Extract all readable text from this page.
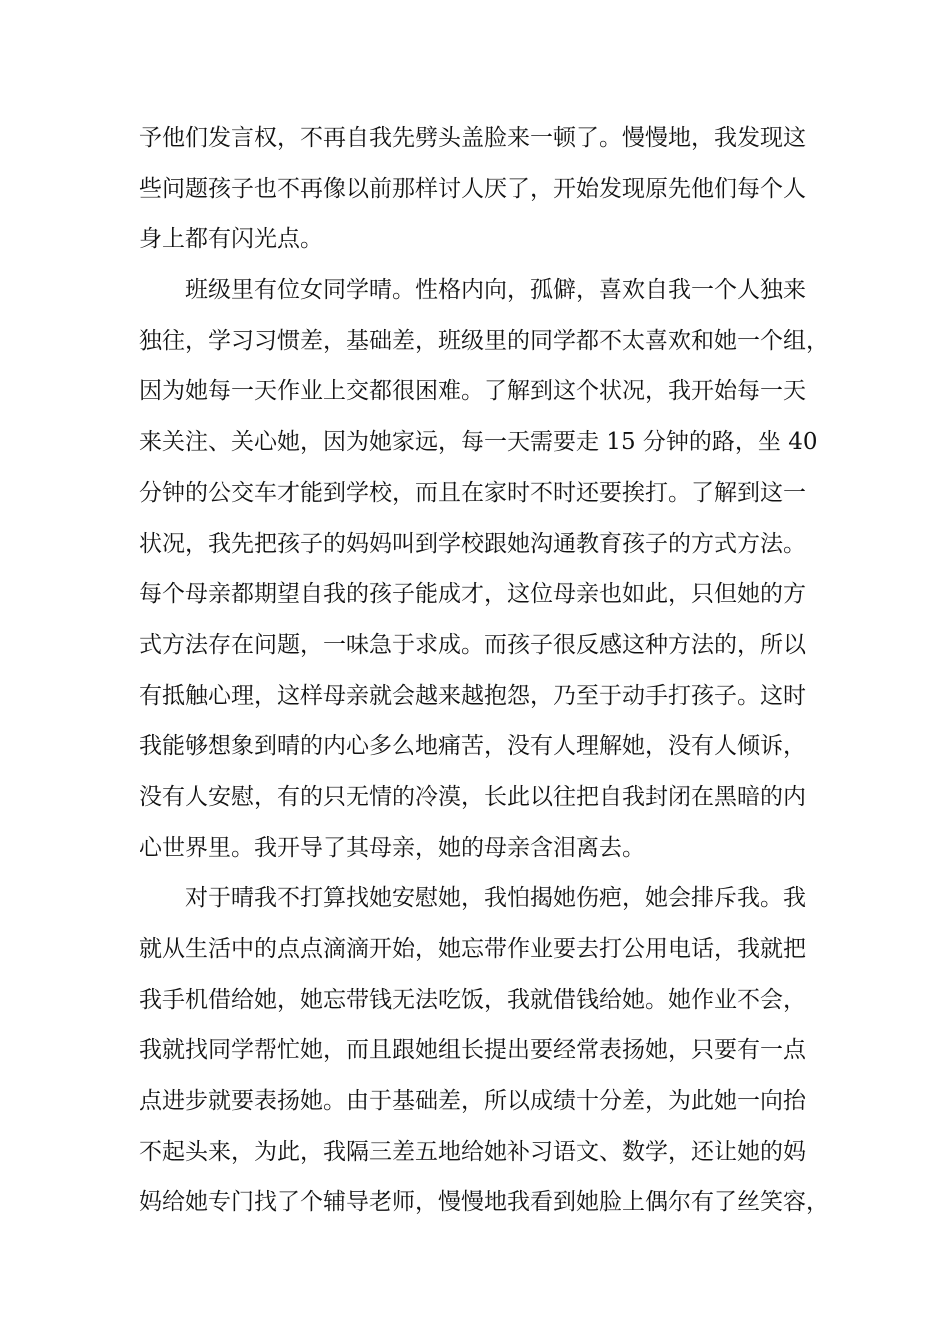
予他们发言权，不再自我先劈头盖脸来一顿了。慢慢地，我发现这
些问题孩子也不再像以前那样讨人厌了，开始发现原先他们每个人
身上都有闪光点。
班级里有位女同学晴。性格内向，孤僻，喜欢自我一个人独来
独往，学习习惯差，基础差，班级里的同学都不太喜欢和她一个组，
因为她每一天作业上交都很困难。了解到这个状况，我开始每一天
来关注、关心她，因为她家远，每一天需要走 15 分钟的路，坐 40
分钟的公交车才能到学校，而且在家时不时还要挨打。了解到这一
状况，我先把孩子的妈妈叫到学校跟她沟通教育孩子的方式方法。
每个母亲都期望自我的孩子能成才，这位母亲也如此，只但她的方
式方法存在问题，一味急于求成。而孩子很反感这种方法的，所以
有抵触心理，这样母亲就会越来越抱怨，乃至于动手打孩子。这时
我能够想象到晴的内心多么地痛苦，没有人理解她，没有人倾诉，
没有人安慰，有的只无情的冷漠，长此以往把自我封闭在黑暗的内
心世界里。我开导了其母亲，她的母亲含泪离去。
对于晴我不打算找她安慰她，我怕揭她伤疤，她会排斥我。我
就从生活中的点点滴滴开始，她忘带作业要去打公用电话，我就把
我手机借给她，她忘带钱无法吃饭，我就借钱给她。她作业不会，
我就找同学帮忙她，而且跟她组长提出要经常表扬她，只要有一点
点进步就要表扬她。由于基础差，所以成绩十分差，为此她一向抬
不起头来，为此，我隔三差五地给她补习语文、数学，还让她的妈
妈给她专门找了个辅导老师，慢慢地我看到她脸上偶尔有了丝笑容，
